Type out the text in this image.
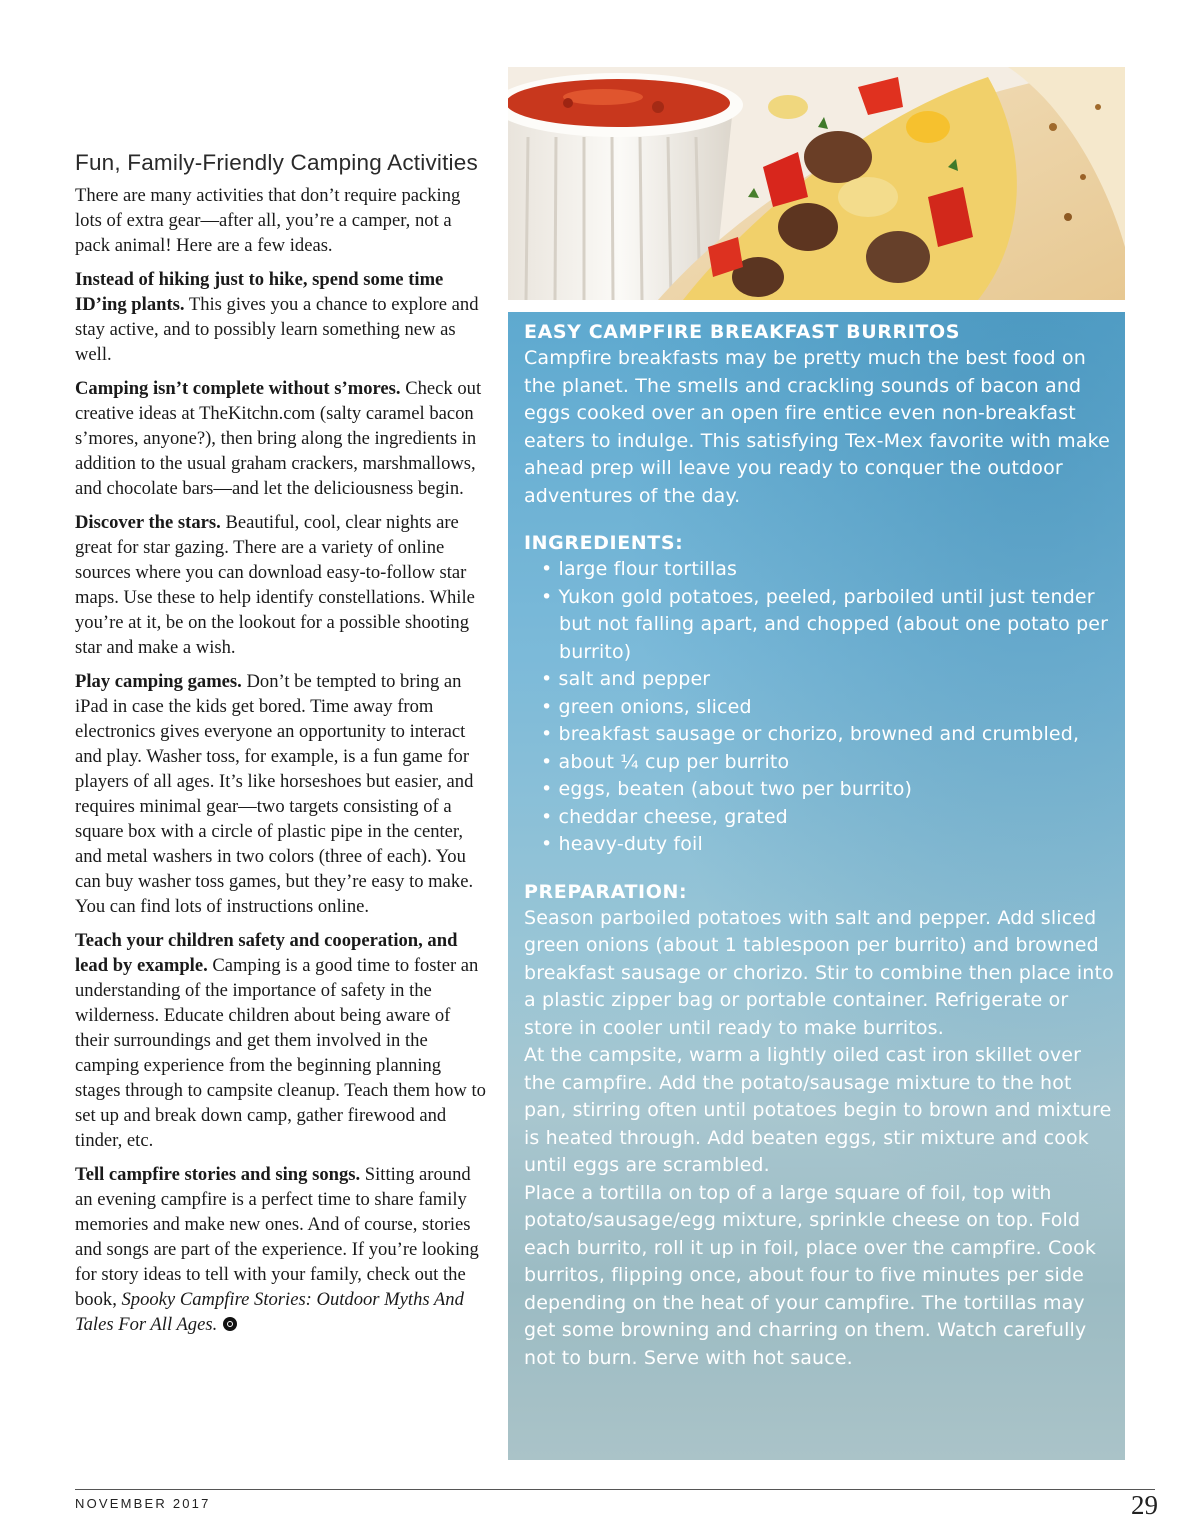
Fun, Family-Friendly Camping Activities

There are many activities that don’t require packing lots of extra gear—after all, you’re a camper, not a pack animal! Here are a few ideas.

Instead of hiking just to hike, spend some time ID’ing plants. This gives you a chance to explore and stay active, and to possibly learn something new as well.

Camping isn’t complete without s’mores. Check out creative ideas at TheKitchn.com (salty caramel bacon s’mores, anyone?), then bring along the ingredients in addition to the usual graham crackers, marshmallows, and chocolate bars—and let the deliciousness begin.

Discover the stars. Beautiful, cool, clear nights are great for star gazing. There are a variety of online sources where you can download easy-to-follow star maps. Use these to help identify constellations. While you’re at it, be on the lookout for a possible shooting star and make a wish.

Play camping games. Don’t be tempted to bring an iPad in case the kids get bored. Time away from electronics gives everyone an opportunity to interact and play. Washer toss, for example, is a fun game for players of all ages. It’s like horseshoes but easier, and requires minimal gear—two targets consisting of a square box with a circle of plastic pipe in the center, and metal washers in two colors (three of each). You can buy washer toss games, but they’re easy to make. You can find lots of instructions online.

Teach your children safety and cooperation, and lead by example. Camping is a good time to foster an understanding of the importance of safety in the wilderness. Educate children about being aware of their surroundings and get them involved in the camping experience from the beginning planning stages through to campsite cleanup. Teach them how to set up and break down camp, gather firewood and tinder, etc.

Tell campfire stories and sing songs. Sitting around an evening campfire is a perfect time to share family memories and make new ones. And of course, stories and songs are part of the experience. If you’re looking for story ideas to tell with your family, check out the book, Spooky Campfire Stories: Outdoor Myths And Tales For All Ages.

EASY CAMPFIRE BREAKFAST BURRITOS

Campfire breakfasts may be pretty much the best food on the planet. The smells and crackling sounds of bacon and eggs cooked over an open fire entice even non-breakfast eaters to indulge. This satisfying Tex-Mex favorite with make ahead prep will leave you ready to conquer the outdoor adventures of the day.

INGREDIENTS:
• large flour tortillas
• Yukon gold potatoes, peeled, parboiled until just tender but not falling apart, and chopped (about one potato per burrito)
• salt and pepper
• green onions, sliced
• breakfast sausage or chorizo, browned and crumbled,
• about ¼ cup per burrito
• eggs, beaten (about two per burrito)
• cheddar cheese, grated
• heavy-duty foil
PREPARATION:

Season parboiled potatoes with salt and pepper. Add sliced green onions (about 1 tablespoon per burrito) and browned breakfast sausage or chorizo. Stir to combine then place into a plastic zipper bag or portable container. Refrigerate or store in cooler until ready to make burritos.

At the campsite, warm a lightly oiled cast iron skillet over the campfire. Add the potato/sausage mixture to the hot pan, stirring often until potatoes begin to brown and mixture is heated through. Add beaten eggs, stir mixture and cook until eggs are scrambled.

Place a tortilla on top of a large square of foil, top with potato/sausage/egg mixture, sprinkle cheese on top. Fold each burrito, roll it up in foil, place over the campfire. Cook burritos, flipping once, about four to five minutes per side depending on the heat of your campfire. The tortillas may get some browning and charring on them. Watch carefully not to burn. Serve with hot sauce.

NOVEMBER 2017	29
